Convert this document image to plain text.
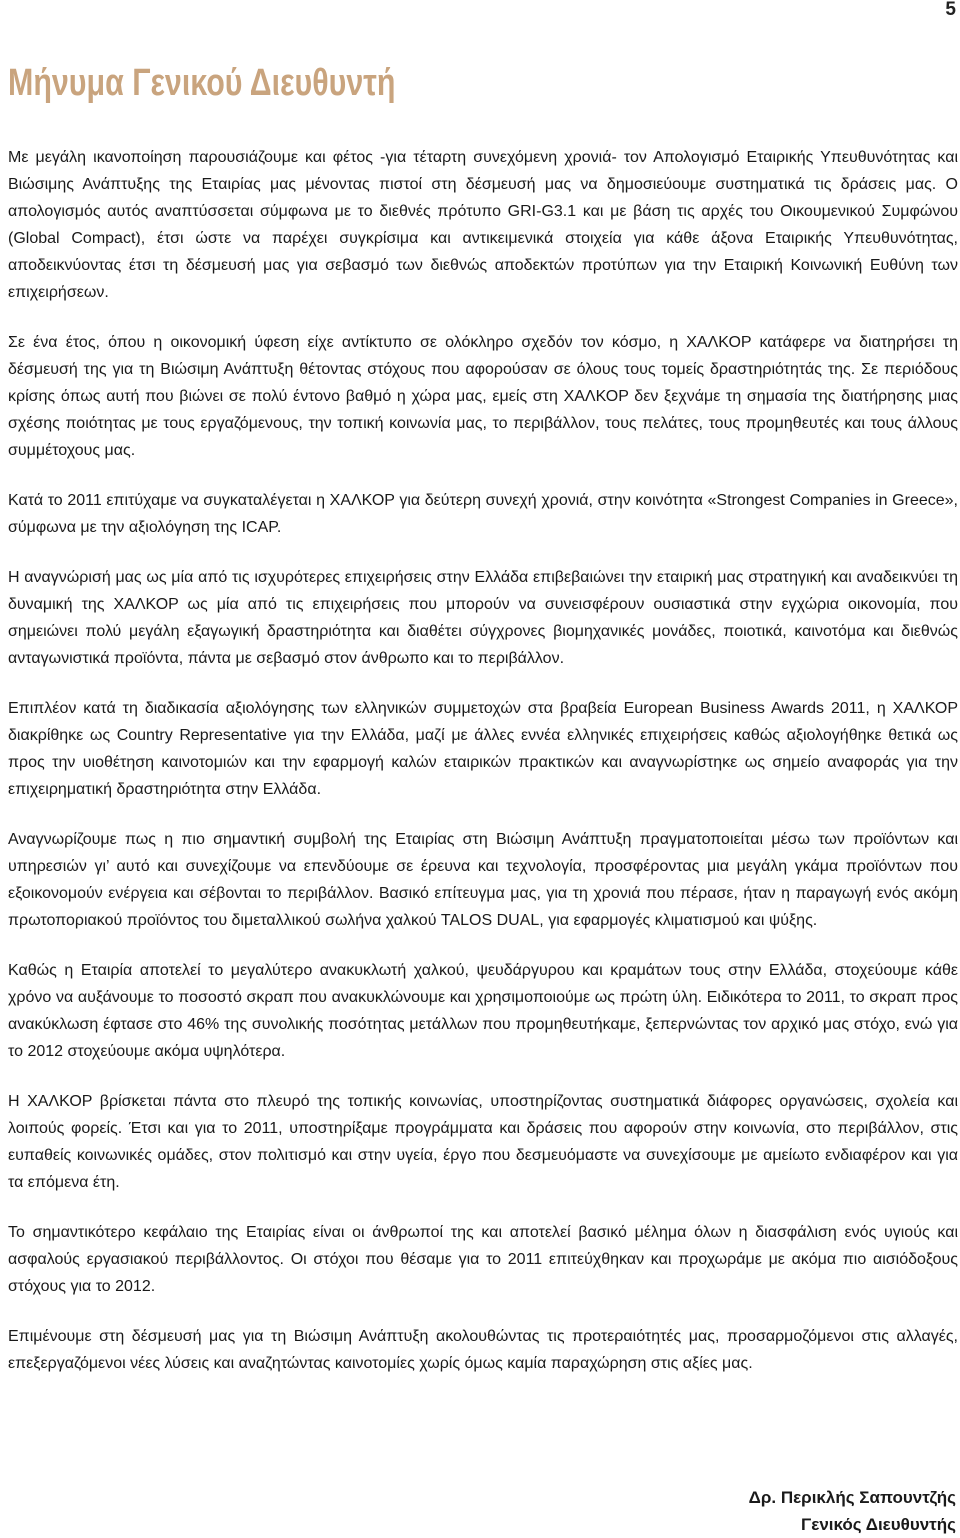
5
Μήνυμα Γενικού Διευθυντή

Με μεγάλη ικανοποίηση παρουσιάζουμε και φέτος -για τέταρτη συνεχόμενη χρονιά- τον Απολογισμό Εταιρικής Υπευθυνότητας και Βιώσιμης Ανάπτυξης της Εταιρίας μας μένοντας πιστοί στη δέσμευσή μας να δημοσιεύουμε συστηματικά τις δράσεις μας. Ο απολογισμός αυτός αναπτύσσεται σύμφωνα με το διεθνές πρότυπο GRI-G3.1 και με βάση τις αρχές του Οικουμενικού Συμφώνου (Global Compact), έτσι ώστε να παρέχει συγκρίσιμα και αντικειμενικά στοιχεία για κάθε άξονα Εταιρικής Υπευθυνότητας, αποδεικνύοντας έτσι τη δέσμευσή μας για σεβασμό των διεθνώς αποδεκτών προτύπων για την Εταιρική Κοινωνική Ευθύνη των επιχειρήσεων.

Σε ένα έτος, όπου η οικονομική ύφεση είχε αντίκτυπο σε ολόκληρο σχεδόν τον κόσμο, η ΧΑΛΚΟΡ κατάφερε να διατηρήσει τη δέσμευσή της για τη Βιώσιμη Ανάπτυξη θέτοντας στόχους που αφορούσαν σε όλους τους τομείς δραστηριότητάς της. Σε περιόδους κρίσης όπως αυτή που βιώνει σε πολύ έντονο βαθμό η χώρα μας, εμείς στη ΧΑΛΚΟΡ δεν ξεχνάμε τη σημασία της διατήρησης μιας σχέσης ποιότητας με τους εργαζόμενους, την τοπική κοινωνία μας, το περιβάλλον, τους πελάτες, τους προμηθευτές και τους άλλους συμμέτοχους μας.

Κατά το 2011 επιτύχαμε να συγκαταλέγεται η ΧΑΛΚΟΡ για δεύτερη συνεχή χρονιά, στην κοινότητα «Strongest Companies in Greece», σύμφωνα με την αξιολόγηση της ICAP.

Η αναγνώρισή μας ως μία από τις ισχυρότερες επιχειρήσεις στην Ελλάδα επιβεβαιώνει την εταιρική μας στρατηγική και αναδεικνύει τη δυναμική της ΧΑΛΚΟΡ ως μία από τις επιχειρήσεις που μπορούν να συνεισφέρουν ουσιαστικά στην εγχώρια οικονομία, που σημειώνει πολύ μεγάλη εξαγωγική δραστηριότητα και διαθέτει σύγχρονες βιομηχανικές μονάδες, ποιοτικά, καινοτόμα και διεθνώς ανταγωνιστικά προϊόντα, πάντα με σεβασμό στον άνθρωπο και το περιβάλλον.

Επιπλέον κατά τη διαδικασία αξιολόγησης των ελληνικών συμμετοχών στα βραβεία European Business Awards 2011, η ΧΑΛΚΟΡ διακρίθηκε ως Country Representative για την Ελλάδα, μαζί με άλλες εννέα ελληνικές επιχειρήσεις καθώς αξιολογήθηκε θετικά ως προς την υιοθέτηση καινοτομιών και την εφαρμογή καλών εταιρικών πρακτικών και αναγνωρίστηκε ως σημείο αναφοράς για την επιχειρηματική δραστηριότητα στην Ελλάδα.

Αναγνωρίζουμε πως η πιο σημαντική συμβολή της Εταιρίας στη Βιώσιμη Ανάπτυξη πραγματοποιείται μέσω των προϊόντων και υπηρεσιών γι’ αυτό και συνεχίζουμε να επενδύουμε σε έρευνα και τεχνολογία, προσφέροντας μια μεγάλη γκάμα προϊόντων που εξοικονομούν ενέργεια και σέβονται το περιβάλλον. Βασικό επίτευγμα μας, για τη χρονιά που πέρασε, ήταν η παραγωγή ενός ακόμη πρωτοποριακού προϊόντος του διμεταλλικού σωλήνα χαλκού TALOS DUAL, για εφαρμογές κλιματισμού και ψύξης.

Καθώς η Εταιρία αποτελεί το μεγαλύτερο ανακυκλωτή χαλκού, ψευδάργυρου και κραμάτων τους στην Ελλάδα, στοχεύουμε κάθε χρόνο να αυξάνουμε το ποσοστό σκραπ που ανακυκλώνουμε και χρησιμοποιούμε ως πρώτη ύλη. Ειδικότερα το 2011, το σκραπ προς ανακύκλωση έφτασε στο 46% της συνολικής ποσότητας μετάλλων που προμηθευτήκαμε, ξεπερνώντας τον αρχικό μας στόχο, ενώ για το 2012 στοχεύουμε ακόμα υψηλότερα.

Η ΧΑΛΚΟΡ βρίσκεται πάντα στο πλευρό της τοπικής κοινωνίας, υποστηρίζοντας συστηματικά διάφορες οργανώσεις, σχολεία και λοιπούς φορείς. Έτσι και για το 2011, υποστηρίξαμε προγράμματα και δράσεις που αφορούν στην κοινωνία, στο περιβάλλον, στις ευπαθείς κοινωνικές ομάδες, στον πολιτισμό και στην υγεία, έργο που δεσμευόμαστε να συνεχίσουμε με αμείωτο ενδιαφέρον και για τα επόμενα έτη.

Το σημαντικότερο κεφάλαιο της Εταιρίας είναι οι άνθρωποί της και αποτελεί βασικό μέλημα όλων η διασφάλιση ενός υγιούς και ασφαλούς εργασιακού περιβάλλοντος. Οι στόχοι που θέσαμε για το 2011 επιτεύχθηκαν και προχωράμε με ακόμα πιο αισιόδοξους στόχους για το 2012.

Επιμένουμε στη δέσμευσή μας για τη Βιώσιμη Ανάπτυξη ακολουθώντας τις προτεραιότητές μας, προσαρμοζόμενοι στις αλλαγές, επεξεργαζόμενοι νέες λύσεις και αναζητώντας καινοτομίες χωρίς όμως καμία παραχώρηση στις αξίες μας.

Δρ. Περικλής Σαπουντζής
Γενικός Διευθυντής
